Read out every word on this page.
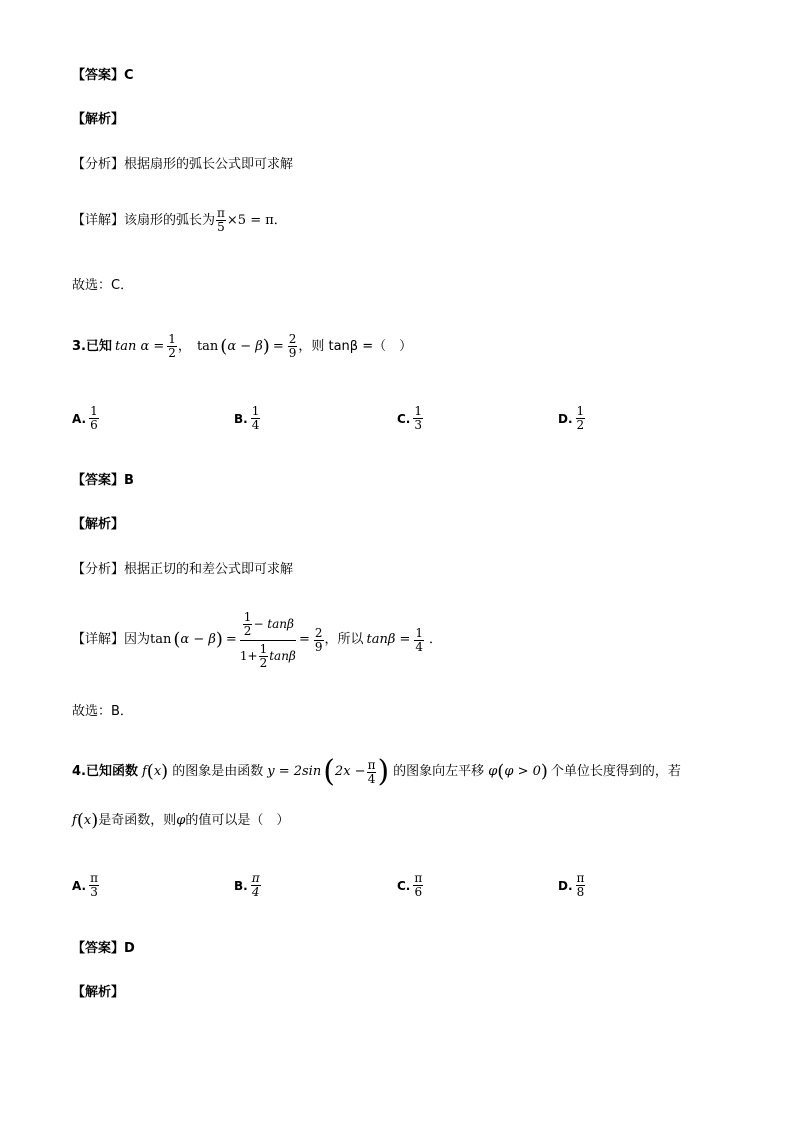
【答案】C
【解析】
【分析】根据扇形的弧长公式即可求解
【详解】该扇形的弧长为 $\frac{\pi}{5} \times 5 = \pi$．
故选：C．
3.已知 $\tan \alpha = \frac{1}{2}$ ， tan ( α − β ) = $\frac{2}{9}$ ，则 tanβ =（　）
A. $\frac{1}{6}$	B. $\frac{1}{4}$	C. $\frac{1}{3}$	D. $\frac{1}{2}$
【答案】B
【解析】
【分析】根据正切的和差公式即可求解
【详解】因为 tan ( α − β ) = $\frac{\frac{1}{2} - \tan\beta}{1+ \frac{1}{2} \tan\beta} = \frac{2}{9}$ ，所以 $\tan\beta = \frac{1}{4}$ ．
故选：B．
4.已知函数 f ( x ) 的图象是由函数 y = 2sin ( $2x - \frac{\pi}{4}$ ) 的图象向左平移 φ ( φ > 0 ) 个单位长度得到的，若
f ( x ) 是奇函数，则 φ 的值可以是（　）
A. $\frac{\pi}{3}$	B. $\frac{\pi}{4}$	C. $\frac{\pi}{6}$	D. $\frac{\pi}{8}$
【答案】D
【解析】
